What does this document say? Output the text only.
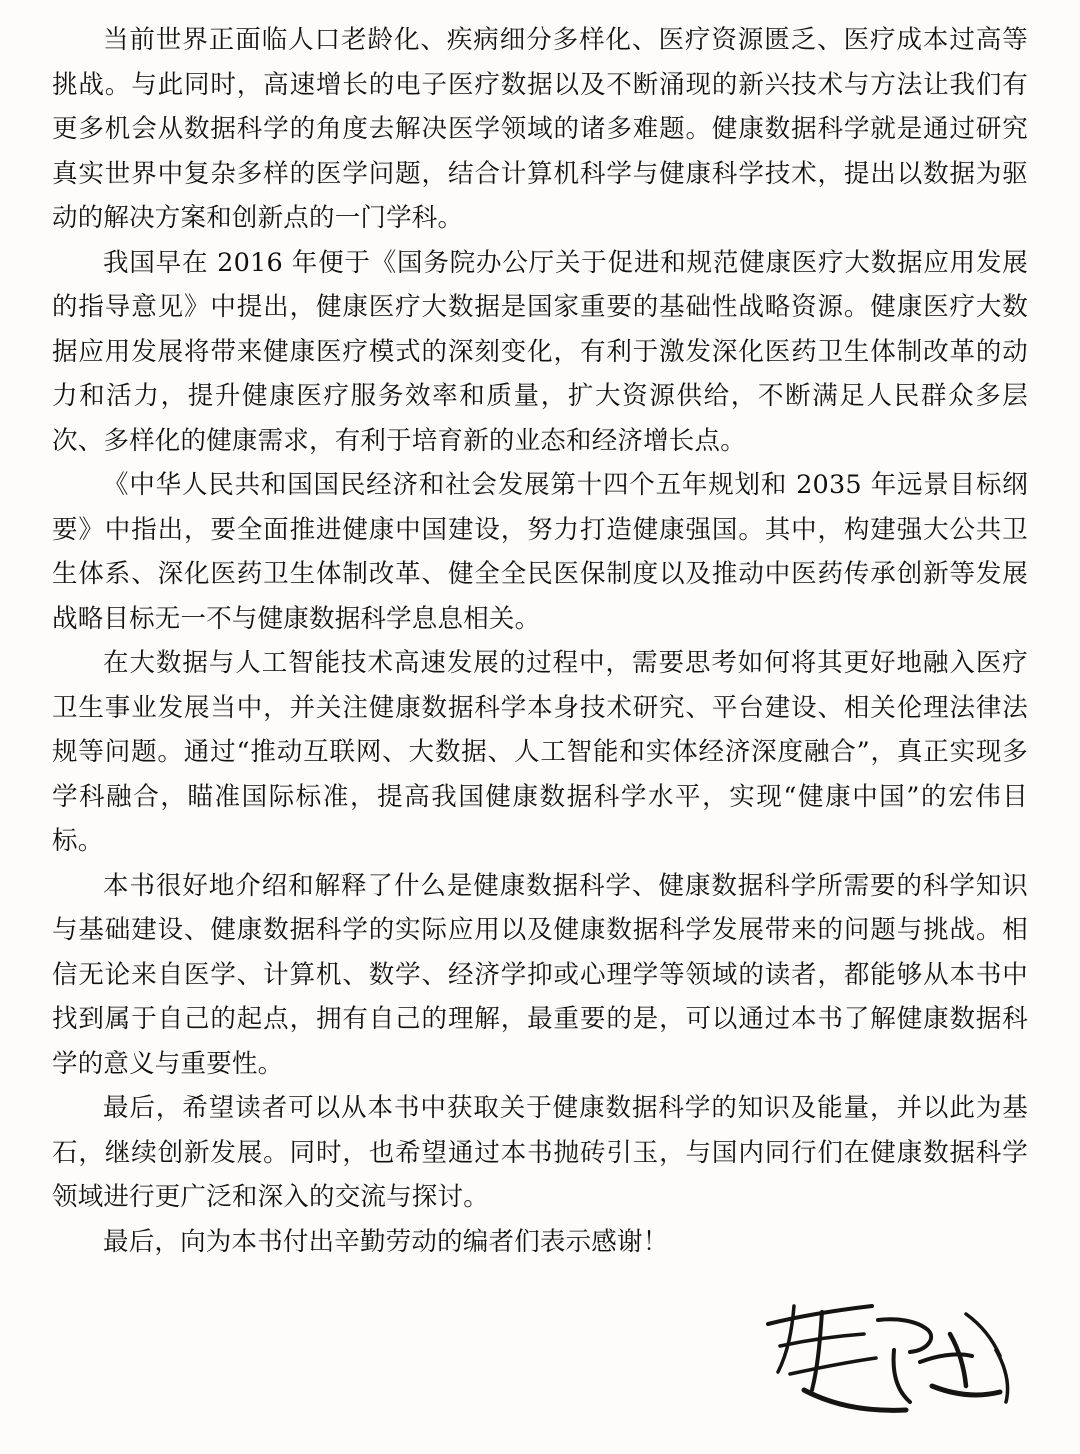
当前世界正面临人口老龄化、疾病细分多样化、医疗资源匮乏、医疗成本过高等挑战。与此同时，高速增长的电子医疗数据以及不断涌现的新兴技术与方法让我们有更多机会从数据科学的角度去解决医学领域的诸多难题。健康数据科学就是通过研究真实世界中复杂多样的医学问题，结合计算机科学与健康科学技术，提出以数据为驱动的解决方案和创新点的一门学科。

我国早在 2016 年便于《国务院办公厅关于促进和规范健康医疗大数据应用发展的指导意见》中提出，健康医疗大数据是国家重要的基础性战略资源。健康医疗大数据应用发展将带来健康医疗模式的深刻变化，有利于激发深化医药卫生体制改革的动力和活力，提升健康医疗服务效率和质量，扩大资源供给，不断满足人民群众多层次、多样化的健康需求，有利于培育新的业态和经济增长点。

《中华人民共和国国民经济和社会发展第十四个五年规划和 2035 年远景目标纲要》中指出，要全面推进健康中国建设，努力打造健康强国。其中，构建强大公共卫生体系、深化医药卫生体制改革、健全全民医保制度以及推动中医药传承创新等发展战略目标无一不与健康数据科学息息相关。

在大数据与人工智能技术高速发展的过程中，需要思考如何将其更好地融入医疗卫生事业发展当中，并关注健康数据科学本身技术研究、平台建设、相关伦理法律法规等问题。通过“推动互联网、大数据、人工智能和实体经济深度融合”，真正实现多学科融合，瞄准国际标准，提高我国健康数据科学水平，实现“健康中国”的宏伟目标。

本书很好地介绍和解释了什么是健康数据科学、健康数据科学所需要的科学知识与基础建设、健康数据科学的实际应用以及健康数据科学发展带来的问题与挑战。相信无论来自医学、计算机、数学、经济学抑或心理学等领域的读者，都能够从本书中找到属于自己的起点，拥有自己的理解，最重要的是，可以通过本书了解健康数据科学的意义与重要性。

最后，希望读者可以从本书中获取关于健康数据科学的知识及能量，并以此为基石，继续创新发展。同时，也希望通过本书抛砖引玉，与国内同行们在健康数据科学领域进行更广泛和深入的交流与探讨。

最后，向为本书付出辛勤劳动的编者们表示感谢！
